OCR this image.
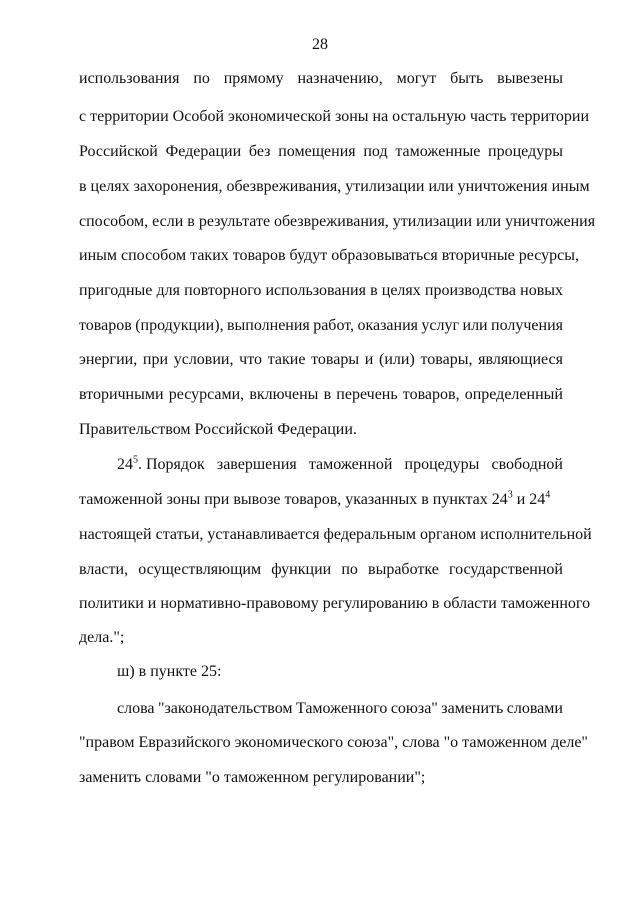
28
использования по прямому назначению, могут быть вывезены
с территории Особой экономической зоны на остальную часть территории
Российской Федерации без помещения под таможенные процедуры
в целях захоронения, обезвреживания, утилизации или уничтожения иным
способом, если в результате обезвреживания, утилизации или уничтожения
иным способом таких товаров будут образовываться вторичные ресурсы,
пригодные для повторного использования в целях производства новых
товаров (продукции), выполнения работ, оказания услуг или получения
энергии, при условии, что такие товары и (или) товары, являющиеся
вторичными ресурсами, включены в перечень товаров, определенный
Правительством Российской Федерации.
$24^5$. Порядок завершения таможенной процедуры свободной
таможенной зоны при вывозе товаров, указанных в пунктах $24^3$ и $24^4$
настоящей статьи, устанавливается федеральным органом исполнительной
власти, осуществляющим функции по выработке государственной
политики и нормативно-правовому регулированию в области таможенного
дела.";
ш) в пункте 25:
слова "законодательством Таможенного союза" заменить словами
"правом Евразийского экономического союза", слова "о таможенном деле"
заменить словами "о таможенном регулировании";
